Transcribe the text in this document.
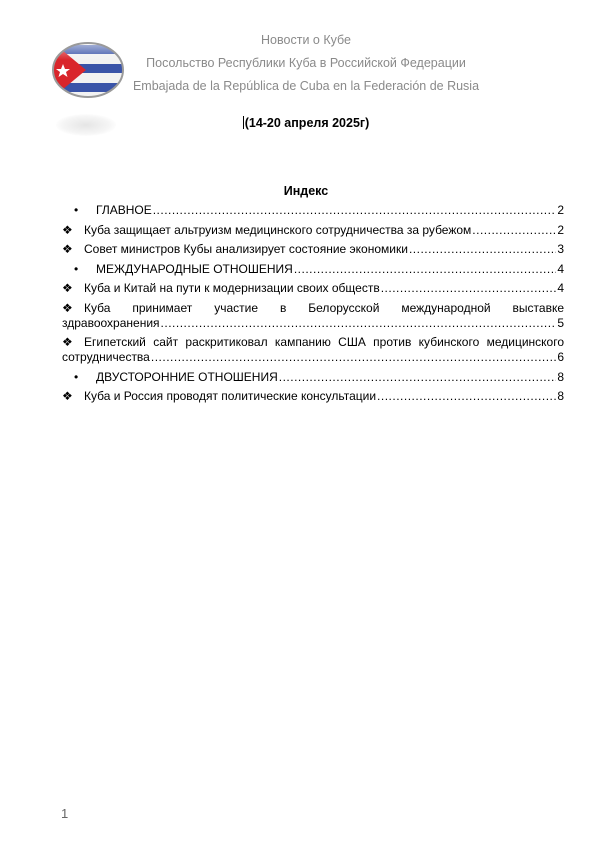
Новости о Кубе
Посольство Республики Куба в Российской Федерации
Embajada de la República de Cuba en la Federación de Rusia
(14-20 апреля 2025г)
Индекс
•	ГЛАВНОЕ .....	2
❖ Куба защищает альтруизм медицинского сотрудничества за рубежом .....	2
❖ Совет министров Кубы анализирует состояние экономики .....	3
•	МЕЖДУНАРОДНЫЕ ОТНОШЕНИЯ .....	4
❖ Куба и Китай на пути к модернизации своих обществ .....	4
❖ Куба принимает участие в Белорусской международной выставке
здравоохранения .....	5
❖ Египетский сайт раскритиковал кампанию США против кубинского медицинского
сотрудничества .....	6
•	ДВУСТОРОННИЕ ОТНОШЕНИЯ .....	8
❖ Куба и Россия проводят политические консультации .....	8
1
